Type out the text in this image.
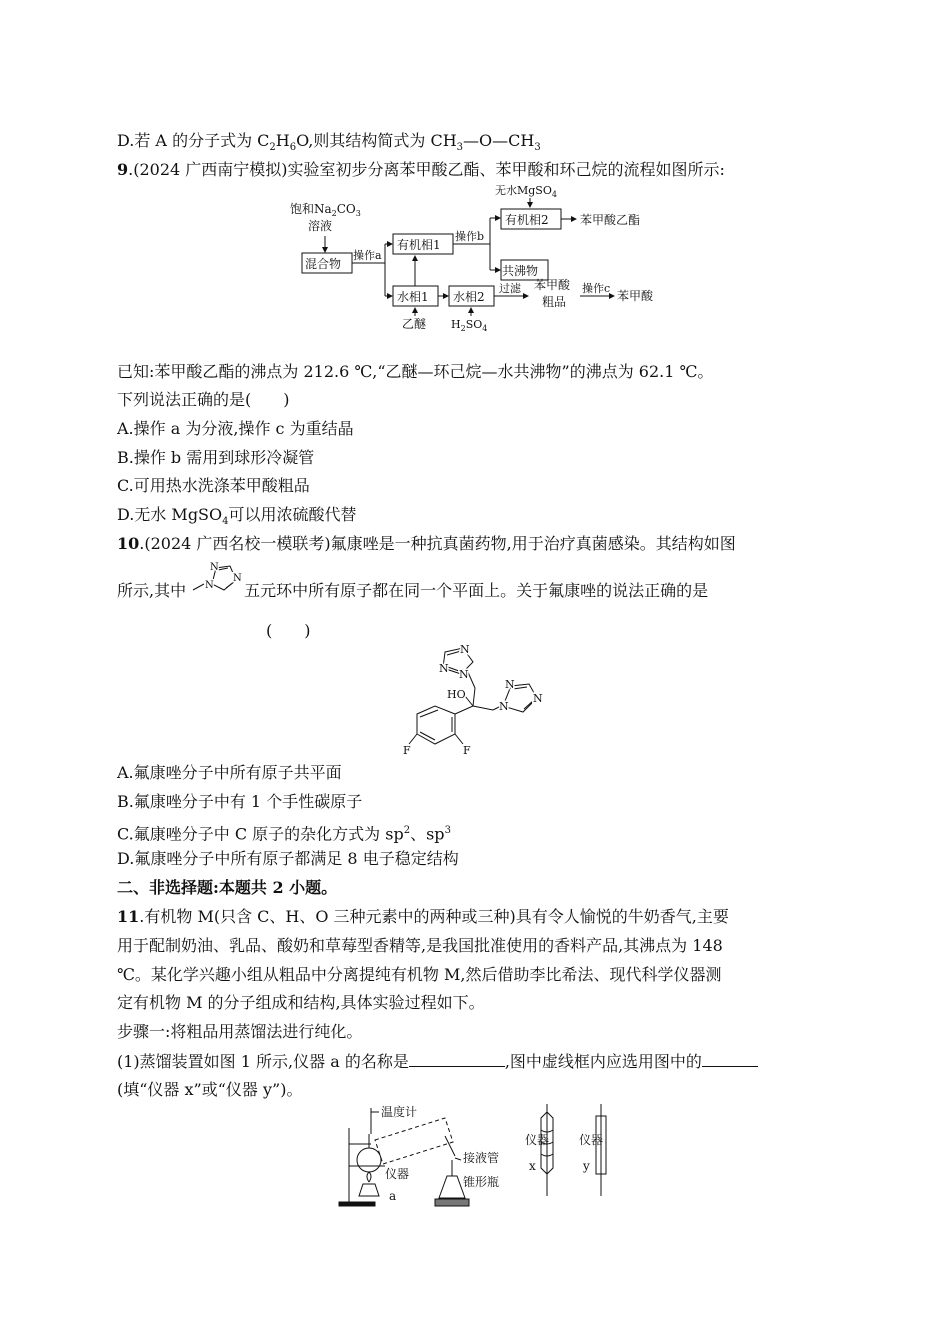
D.若 A 的分子式为 $C_2H_6O$,则其结构简式为 $CH_3—O—CH_3$
9.(2024 广西南宁模拟)实验室初步分离苯甲酸乙酯、苯甲酸和环己烷的流程如图所示:
饱和$Na_2CO_3$
溶液
混合物
操作a
有机相1
水相1
乙醚
水相2
$H_2SO_4$
操作b
无水MgSO$_4$
有机相2	苯甲酸乙酯
共沸物
过滤 苯甲酸
粗品
操作c
苯甲酸
已知:苯甲酸乙酯的沸点为 212.6 ℃,“乙醚—环己烷—水共沸物”的沸点为 62.1 ℃。
下列说法正确的是(　　)
A.操作 a 为分液,操作 c 为重结晶
B.操作 b 需用到球形冷凝管
C.可用热水洗涤苯甲酸粗品
D.无水 MgSO$_4$可以用浓硫酸代替
10.(2024 广西名校一模联考)氟康唑是一种抗真菌药物,用于治疗真菌感染。其结构如图
所示,其中	五元环中所有原子都在同一个平面上。关于氟康唑的说法正确的是
N
N
N
(　　)
N
N N
HO
N
N
N
F	F
A.氟康唑分子中所有原子共平面
B.氟康唑分子中有 1 个手性碳原子
C.氟康唑分子中 C 原子的杂化方式为 $sp^2$、$sp^3$
D.氟康唑分子中所有原子都满足 8 电子稳定结构
二、非选择题:本题共 2 小题。
11.有机物 M(只含 C、H、O 三种元素中的两种或三种)具有令人愉悦的牛奶香气,主要
用于配制奶油、乳品、酸奶和草莓型香精等,是我国批准使用的香料产品,其沸点为 148
℃。某化学兴趣小组从粗品中分离提纯有机物 M,然后借助李比希法、现代科学仪器测
定有机物 M 的分子组成和结构,具体实验过程如下。
步骤一:将粗品用蒸馏法进行纯化。
(1)蒸馏装置如图 1 所示,仪器 a 的名称是	,图中虚线框内应选用图中的
(填“仪器 x”或“仪器 y”)。
温度计
仪器
a
接液管
锥形瓶
仪器
x
仪器
y
